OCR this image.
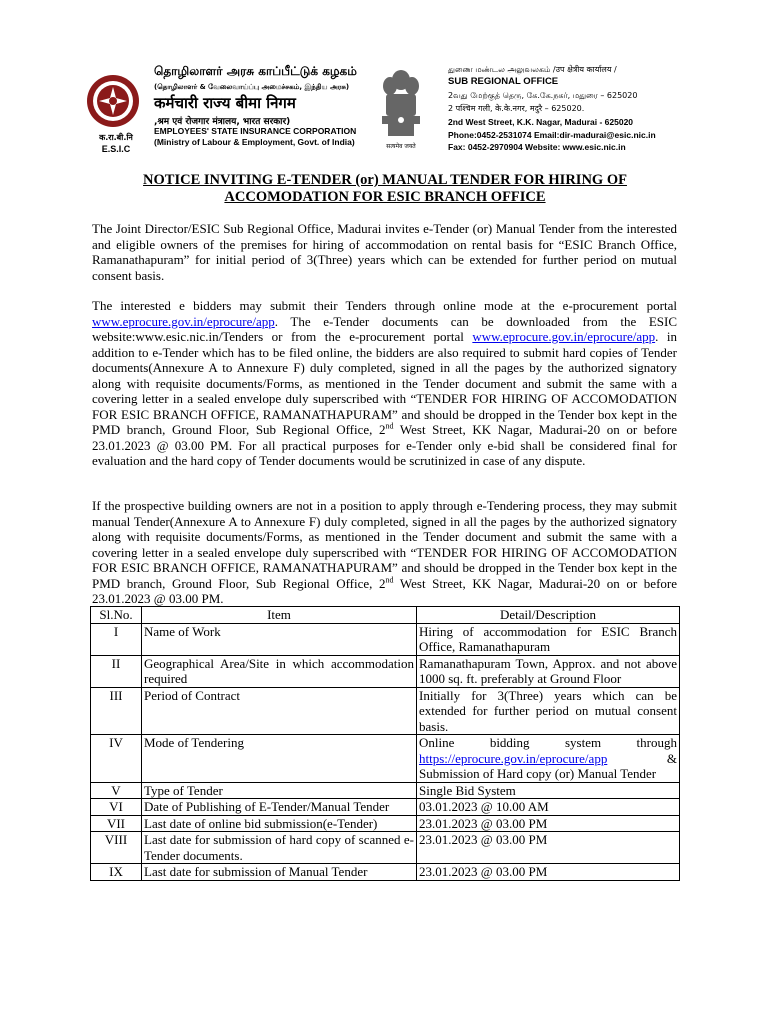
क.रा.बी.नि
E.S.I.C
தொழிலாளர் அரசு காப்பீட்டுக் கழகம்
(தொழிலாளர் & வேலைவாய்ப்பு அமைச்சகம், இந்திய அரசு)
कर्मचारी राज्य बीमा निगम
,श्रम एवं रोजगार मंत्रालय, भारत सरकार)
EMPLOYEES' STATE INSURANCE CORPORATION
(Ministry of Labour & Employment, Govt. of India)	सत्यमेव जयते
துணை மண்டல அலுவலகம் /उप क्षेत्रीय कार्यालय /
SUB REGIONAL OFFICE
2வது மேற்குத் தெரு, கே.கே.நகர், மதுரை – 625020
2 पश्चिम गली, के.के.नगर, मदुरै – 625020.
2nd West Street, K.K. Nagar, Madurai - 625020
Phone:0452-2531074 Email:dir-madurai@esic.nic.in
Fax: 0452-2970904 Website: www.esic.nic.in
NOTICE INVITING E-TENDER (or) MANUAL TENDER FOR HIRING OF
ACCOMODATION FOR ESIC BRANCH OFFICE
The Joint Director/ESIC Sub Regional Office, Madurai invites e-Tender (or) Manual Tender from the interested and eligible owners of the premises for hiring of accommodation on rental basis for “ESIC Branch Office, Ramanathapuram” for initial period of 3(Three) years which can be extended for further period on mutual consent basis.
The interested e bidders may submit their Tenders through online mode at the e-procurement portal www.eprocure.gov.in/eprocure/app. The e-Tender documents can be downloaded from the ESIC website:www.esic.nic.in/Tenders or from the e-procurement portal www.eprocure.gov.in/eprocure/app. in addition to e-Tender which has to be filed online, the bidders are also required to submit hard copies of Tender documents(Annexure A to Annexure F) duly completed, signed in all the pages by the authorized signatory along with requisite documents/Forms, as mentioned in the Tender document and submit the same with a covering letter in a sealed envelope duly superscribed with “TENDER FOR HIRING OF ACCOMODATION FOR ESIC BRANCH OFFICE, RAMANATHAPURAM” and should be dropped in the Tender box kept in the PMD branch, Ground Floor, Sub Regional Office, 2nd West Street, KK Nagar, Madurai-20 on or before 23.01.2023 @ 03.00 PM. For all practical purposes for e-Tender only e-bid shall be considered final for evaluation and the hard copy of Tender documents would be scrutinized in case of any dispute.
If the prospective building owners are not in a position to apply through e-Tendering process, they may submit manual Tender(Annexure A to Annexure F) duly completed, signed in all the pages by the authorized signatory along with requisite documents/Forms, as mentioned in the Tender document and submit the same with a covering letter in a sealed envelope duly superscribed with “TENDER FOR HIRING OF ACCOMODATION FOR ESIC BRANCH OFFICE, RAMANATHAPURAM” and should be dropped in the Tender box kept in the PMD branch, Ground Floor, Sub Regional Office, 2nd West Street, KK Nagar, Madurai-20 on or before 23.01.2023 @ 03.00 PM.
Sl.No.	Item	Detail/Description
I	Name of Work	Hiring of accommodation for ESIC Branch Office, Ramanathapuram
II	Geographical Area/Site in which accommodation required	Ramanathapuram Town, Approx. and not above 1000 sq. ft. preferably at Ground Floor
III	Period of Contract	Initially for 3(Three) years which can be extended for further period on mutual consent basis.
IV	Mode of Tendering	Online bidding system through https://eprocure.gov.in/eprocure/app & Submission of Hard copy (or) Manual Tender
V	Type of Tender	Single Bid System
VI	Date of Publishing of E-Tender/Manual Tender	03.01.2023 @ 10.00 AM
VII	Last date of online bid submission(e-Tender)	23.01.2023 @ 03.00 PM
VIII	Last date for submission of hard copy of scanned e-Tender documents.	23.01.2023 @ 03.00 PM
IX	Last date for submission of Manual Tender	23.01.2023 @ 03.00 PM
